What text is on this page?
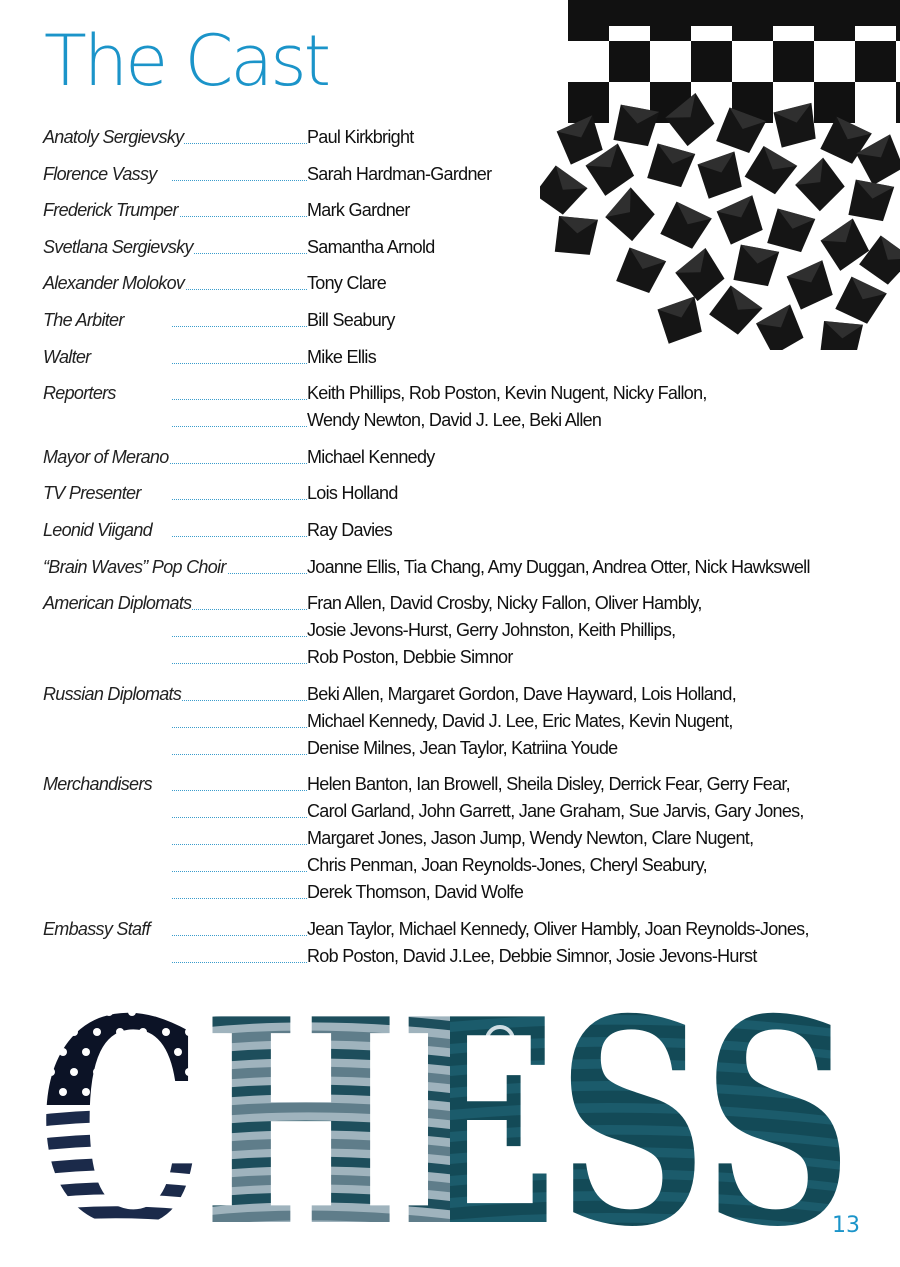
The Cast
Anatoly Sergievsky	Paul Kirkbright
Florence Vassy	Sarah Hardman-Gardner
Frederick Trumper	Mark Gardner
Svetlana Sergievsky	Samantha Arnold
Alexander Molokov	Tony Clare
The Arbiter	Bill Seabury
Walter	Mike Ellis
Reporters	Keith Phillips, Rob Poston, Kevin Nugent, Nicky Fallon,
Wendy Newton, David J. Lee, Beki Allen
Mayor of Merano	Michael Kennedy
TV Presenter	Lois Holland
Leonid Viigand	Ray Davies
“Brain Waves” Pop Choir	Joanne Ellis, Tia Chang, Amy Duggan, Andrea Otter, Nick Hawkswell
American Diplomats	Fran Allen, David Crosby, Nicky Fallon, Oliver Hambly,
Josie Jevons-Hurst, Gerry Johnston, Keith Phillips,
Rob Poston, Debbie Simnor
Russian Diplomats	Beki Allen, Margaret Gordon, Dave Hayward, Lois Holland,
Michael Kennedy, David J. Lee, Eric Mates, Kevin Nugent,
Denise Milnes, Jean Taylor, Katriina Youde
Merchandisers	Helen Banton, Ian Browell, Sheila Disley, Derrick Fear, Gerry Fear,
Carol Garland, John Garrett, Jane Graham, Sue Jarvis, Gary Jones,
Margaret Jones, Jason Jump, Wendy Newton, Clare Nugent,
Chris Penman, Joan Reynolds-Jones, Cheryl Seabury,
Derek Thomson, David Wolfe
Embassy Staff	Jean Taylor, Michael Kennedy, Oliver Hambly, Joan Reynolds-Jones,
Rob Poston, David J.Lee, Debbie Simnor, Josie Jevons-Hurst
CHESS
13
